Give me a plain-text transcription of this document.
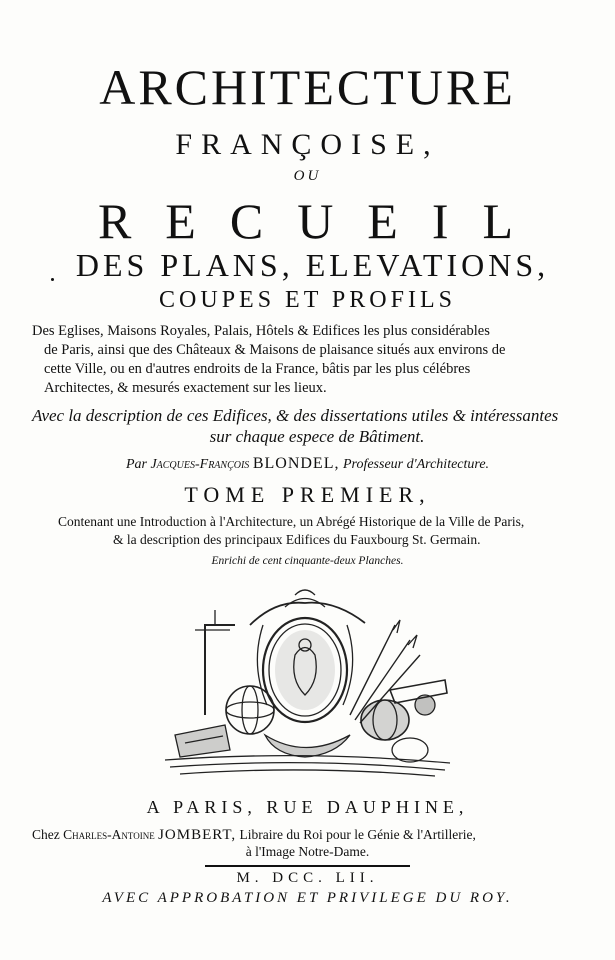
ARCHITECTURE
FRANÇOISE,
OU
RECUEIL
DES PLANS, ELEVATIONS,
COUPES ET PROFILS
Des Eglises, Maisons Royales, Palais, Hôtels & Edifices les plus considérables
de Paris, ainsi que des Châteaux & Maisons de plaisance situés aux environs de
cette Ville, ou en d'autres endroits de la France, bâtis par les plus célébres
Architectes, & mesurés exactement sur les lieux.
Avec la description de ces Edifices, & des dissertations utiles & intéressantes
sur chaque espece de Bâtiment.
Par Jacques-François BLONDEL, Professeur d'Architecture.
TOME PREMIER,
Contenant une Introduction à l'Architecture, un Abrégé Historique de la Ville de Paris,
& la description des principaux Edifices du Fauxbourg St. Germain.
Enrichi de cent cinquante-deux Planches.
A PARIS, RUE DAUPHINE,
Chez Charles-Antoine JOMBERT, Libraire du Roi pour le Génie & l'Artillerie,
à l'Image Notre-Dame.
M. DCC. LII.
AVEC APPROBATION ET PRIVILEGE DU ROY.
